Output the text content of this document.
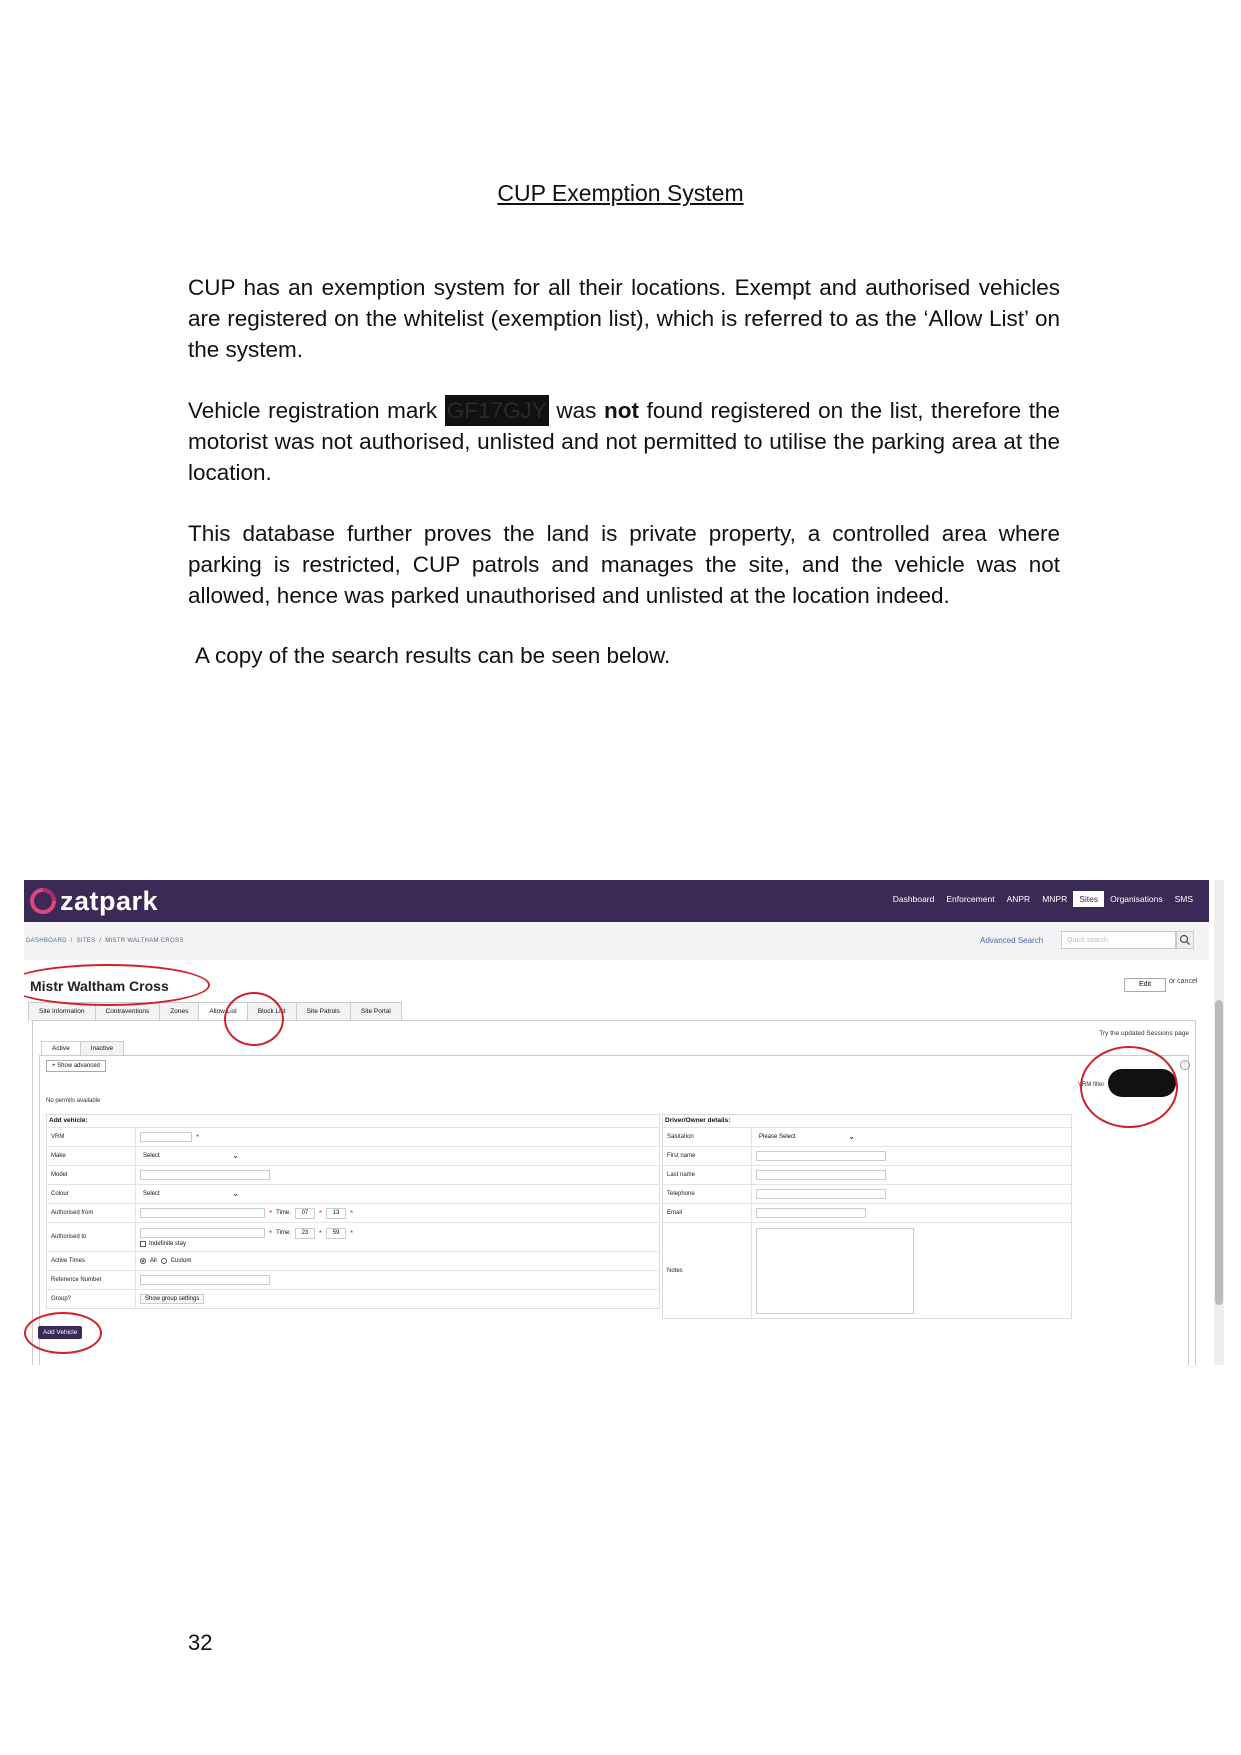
CUP Exemption System
CUP has an exemption system for all their locations. Exempt and authorised vehicles are registered on the whitelist (exemption list), which is referred to as the ‘Allow List’ on the system.
Vehicle registration mark GF17GJY was not found registered on the list, therefore the motorist was not authorised, unlisted and not permitted to utilise the parking area at the location.
This database further proves the land is private property, a controlled area where parking is restricted, CUP patrols and manages the site, and the vehicle was not allowed, hence was parked unauthorised and unlisted at the location indeed.
A copy of the search results can be seen below.
zatpark	Dashboard	Enforcement	ANPR	MNPR	Sites	Organisations	SMS
DASHBOARD  /  SITES  /  MISTR WALTHAM CROSS	Advanced Search	Quick search
Mistr Waltham Cross	Edit	or cancel
Site Information	Contraventions	Zones	Allow List	Block List	Site Patrols	Site Portal
Try the updated Sessions page
Active	Inactive
+ Show advanced	?
VRM filter
No permits available
Add vehicle:
VRM	*
Make	Select	⌄
Model
Colour	Select	⌄
Authorised from	* Time:	07	*	13	*
Authorised to	* Time:	23	*	59	*
Indefinite stay
Active Times	All Custom
Reference Number
Group?	Show group settings
Driver/Owner details:
Salutation	Please Select	⌄
First name
Last name
Telephone
Email
Notes
Add Vehicle
32
